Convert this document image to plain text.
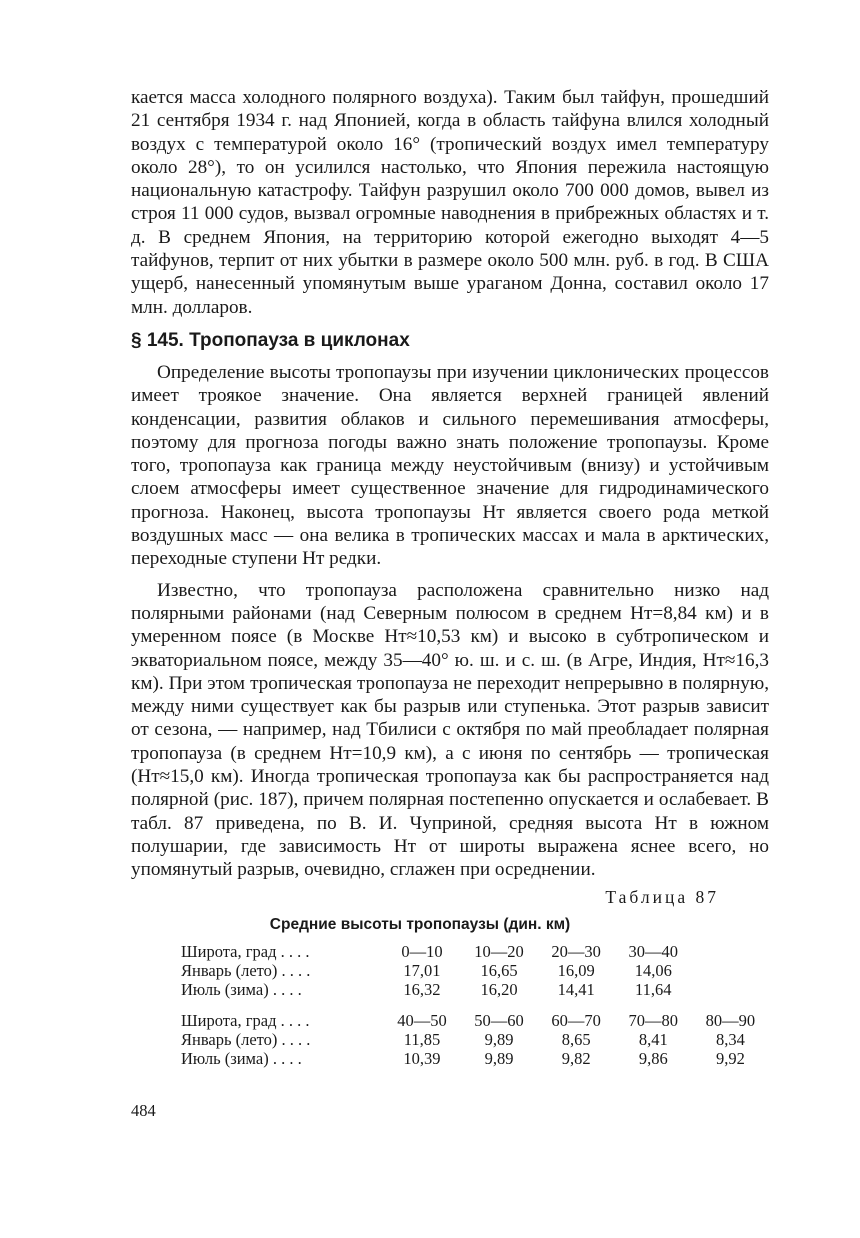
кается масса холодного полярного воздуха). Таким был тайфун, прошедший 21 сентября 1934 г. над Японией, когда в область тайфуна влился холодный воздух с температурой около 16° (тропический воздух имел температуру около 28°), то он усилился настолько, что Япония пережила настоящую национальную катастрофу. Тайфун разрушил около 700 000 домов, вывел из строя 11 000 судов, вызвал огромные наводнения в прибрежных областях и т. д. В среднем Япония, на территорию которой ежегодно выходят 4—5 тайфунов, терпит от них убытки в размере около 500 млн. руб. в год. В США ущерб, нанесенный упомянутым выше ураганом Донна, составил около 17 млн. долларов.

§ 145. Тропопауза в циклонах

Определение высоты тропопаузы при изучении циклонических процессов имеет троякое значение. Она является верхней границей явлений конденсации, развития облаков и сильного перемешивания атмосферы, поэтому для прогноза погоды важно знать положение тропопаузы. Кроме того, тропопауза как граница между неустойчивым (внизу) и устойчивым слоем атмосферы имеет существенное значение для гидродинамического прогноза. Наконец, высота тропопаузы Hт является своего рода меткой воздушных масс — она велика в тропических массах и мала в арктических, переходные ступени Hт редки.

Известно, что тропопауза расположена сравнительно низко над полярными районами (над Северным полюсом в среднем Hт=8,84 км) и в умеренном поясе (в Москве Hт≈10,53 км) и высоко в субтропическом и экваториальном поясе, между 35—40° ю. ш. и с. ш. (в Агре, Индия, Hт≈16,3 км). При этом тропическая тропопауза не переходит непрерывно в полярную, между ними существует как бы разрыв или ступенька. Этот разрыв зависит от сезона, — например, над Тбилиси с октября по май преобладает полярная тропопауза (в среднем Hт=10,9 км), а с июня по сентябрь — тропическая (Hт≈15,0 км). Иногда тропическая тропопауза как бы распространяется над полярной (рис. 187), причем полярная постепенно опускается и ослабевает. В табл. 87 приведена, по В. И. Чуприной, средняя высота Hт в южном полушарии, где зависимость Hт от широты выражена яснее всего, но упомянутый разрыв, очевидно, сглажен при осреднении.

Таблица 87
Средние высоты тропопаузы (дин. км)
Широта, град . . . .	0—10	10—20	20—30	30—40	
Январь (лето) . . . .	17,01	16,65	16,09	14,06	
Июль (зима) . . . .	16,32	16,20	14,41	11,64	

Широта, град . . . .	40—50	50—60	60—70	70—80	80—90
Январь (лето) . . . .	11,85	9,89	8,65	8,41	8,34
Июль (зима) . . . .	10,39	9,89	9,82	9,86	9,92
484
